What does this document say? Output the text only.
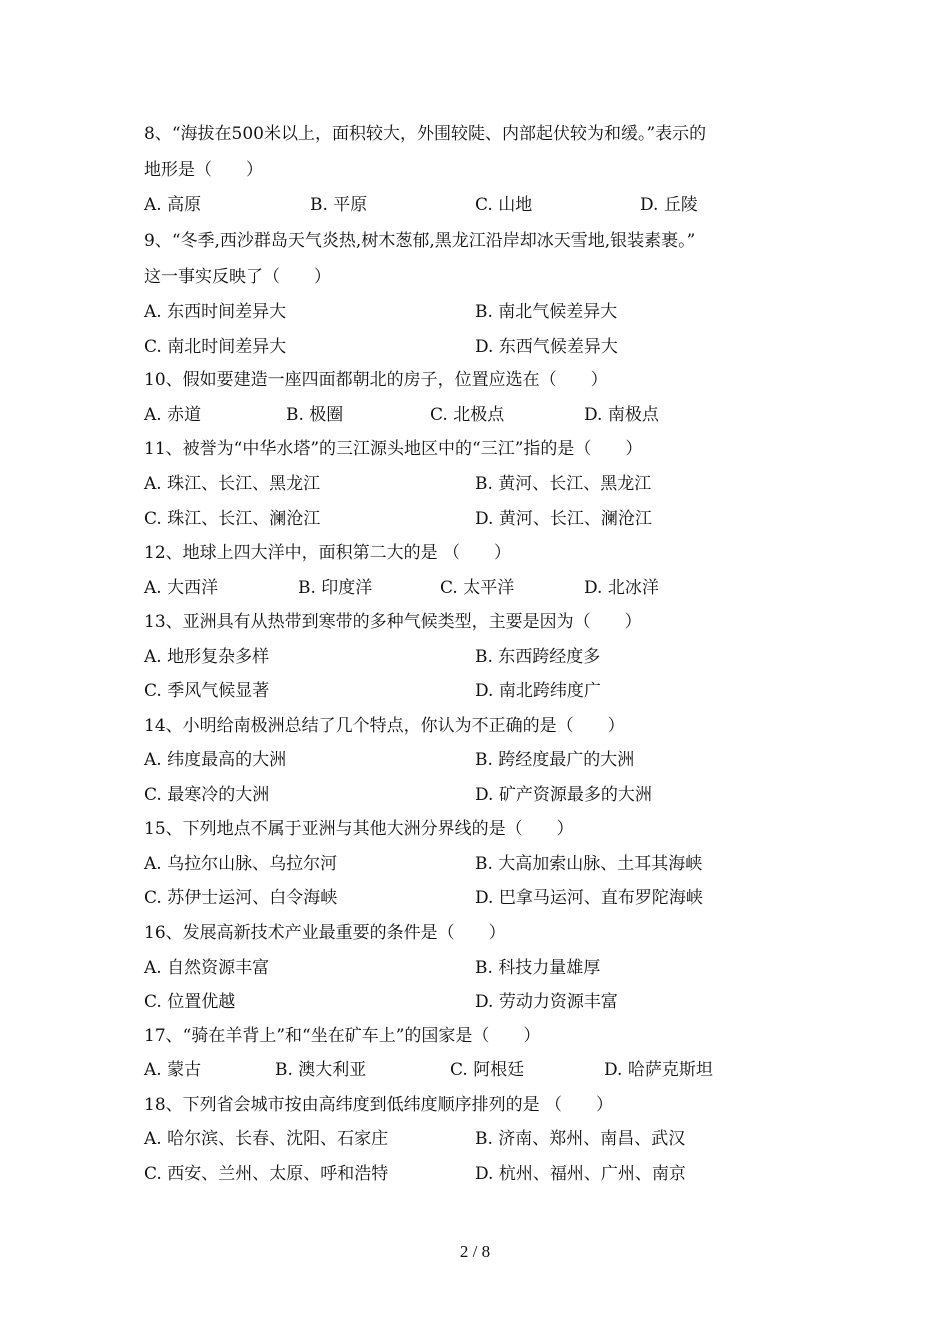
8、“海拔在500米以上，面积较大，外围较陡、内部起伏较为和缓。”表示的
地形是（　　）
A. 高原	B. 平原	C. 山地	D. 丘陵
9、“冬季,西沙群岛天气炎热,树木葱郁,黑龙江沿岸却冰天雪地,银装素裹。”
这一事实反映了（　　）
A. 东西时间差异大	B. 南北气候差异大
C. 南北时间差异大	D. 东西气候差异大
10、假如要建造一座四面都朝北的房子，位置应选在（　　）
A. 赤道	B. 极圈	C. 北极点	D. 南极点
11、被誉为“中华水塔”的三江源头地区中的“三江”指的是（　　）
A. 珠江、长江、黑龙江	B. 黄河、长江、黑龙江
C. 珠江、长江、澜沧江	D. 黄河、长江、澜沧江
12、地球上四大洋中，面积第二大的是 （　　）
A. 大西洋	B. 印度洋	C. 太平洋	D. 北冰洋
13、亚洲具有从热带到寒带的多种气候类型，主要是因为（　　）
A. 地形复杂多样	B. 东西跨经度多
C. 季风气候显著	D. 南北跨纬度广
14、小明给南极洲总结了几个特点，你认为不正确的是（　　）
A. 纬度最高的大洲	B. 跨经度最广的大洲
C. 最寒冷的大洲	D. 矿产资源最多的大洲
15、下列地点不属于亚洲与其他大洲分界线的是（　　）
A. 乌拉尔山脉、乌拉尔河	B. 大高加索山脉、土耳其海峡
C. 苏伊士运河、白令海峡	D. 巴拿马运河、直布罗陀海峡
16、发展高新技术产业最重要的条件是（　　）
A. 自然资源丰富	B. 科技力量雄厚
C. 位置优越	D. 劳动力资源丰富
17、“骑在羊背上”和“坐在矿车上”的国家是（　　）
A. 蒙古	B. 澳大利亚	C. 阿根廷	D. 哈萨克斯坦
18、下列省会城市按由高纬度到低纬度顺序排列的是 （　　）
A. 哈尔滨、长春、沈阳、石家庄	B. 济南、郑州、南昌、武汉
C. 西安、兰州、太原、呼和浩特	D. 杭州、福州、广州、南京
2 / 8
